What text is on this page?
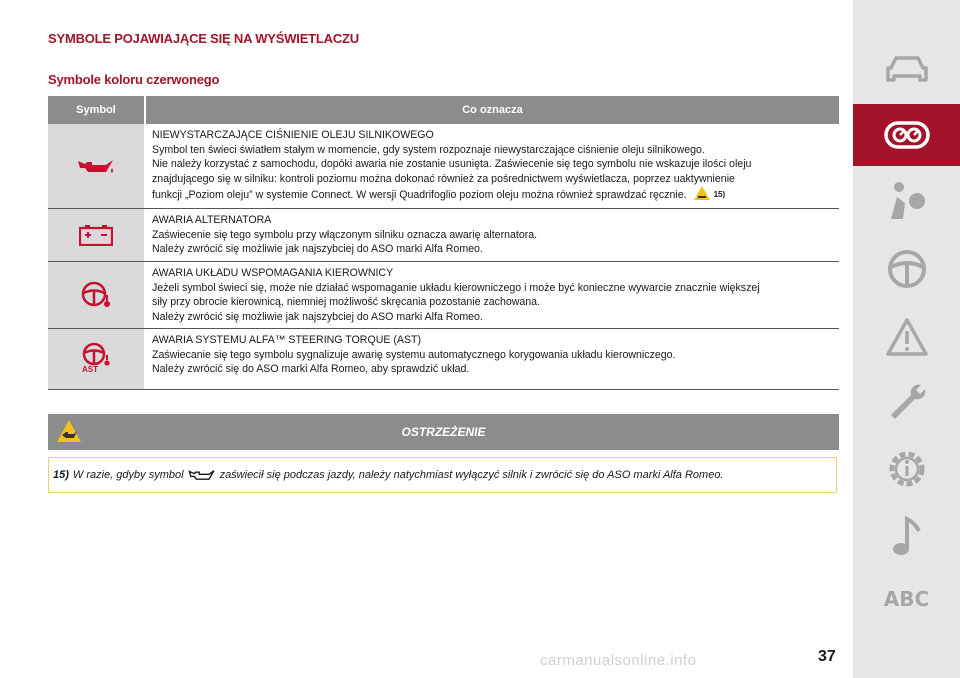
SYMBOLE POJAWIAJĄCE SIĘ NA WYŚWIETLACZU
Symbole koloru czerwonego
Symbol	Co oznacza
NIEWYSTARCZAJĄCE CIŚNIENIE OLEJU SILNIKOWEGO
Symbol ten świeci światłem stałym w momencie, gdy system rozpoznaje niewystarczające ciśnienie oleju silnikowego.
Nie należy korzystać z samochodu, dopóki awaria nie zostanie usunięta. Zaświecenie się tego symbolu nie wskazuje ilości oleju
znajdującego się w silniku: kontroli poziomu można dokonać również za pośrednictwem wyświetlacza, poprzez uaktywnienie
funkcji „Poziom oleju” w systemie Connect. W wersji Quadrifoglio poziom oleju można również sprawdzać ręcznie.	15)
AWARIA ALTERNATORA
Zaświecenie się tego symbolu przy włączonym silniku oznacza awarię alternatora.
Należy zwrócić się możliwie jak najszybciej do ASO marki Alfa Romeo.
AWARIA UKŁADU WSPOMAGANIA KIEROWNICY
Jeżeli symbol świeci się, może nie działać wspomaganie układu kierowniczego i może być konieczne wywarcie znacznie większej
siły przy obrocie kierownicą, niemniej możliwość skręcania pozostanie zachowana.
Należy zwrócić się możliwie jak najszybciej do ASO marki Alfa Romeo.
AST
AWARIA SYSTEMU ALFA™ STEERING TORQUE (AST)
Zaświecanie się tego symbolu sygnalizuje awarię systemu automatycznego korygowania układu kierowniczego.
Należy zwrócić się do ASO marki Alfa Romeo, aby sprawdzić układ.
OSTRZEŻENIE
15) W razie, gdyby symbol	zaświecił się podczas jazdy, należy natychmiast wyłączyć silnik i zwrócić się do ASO marki Alfa Romeo.
ABC
carmanualsonline.info	37
